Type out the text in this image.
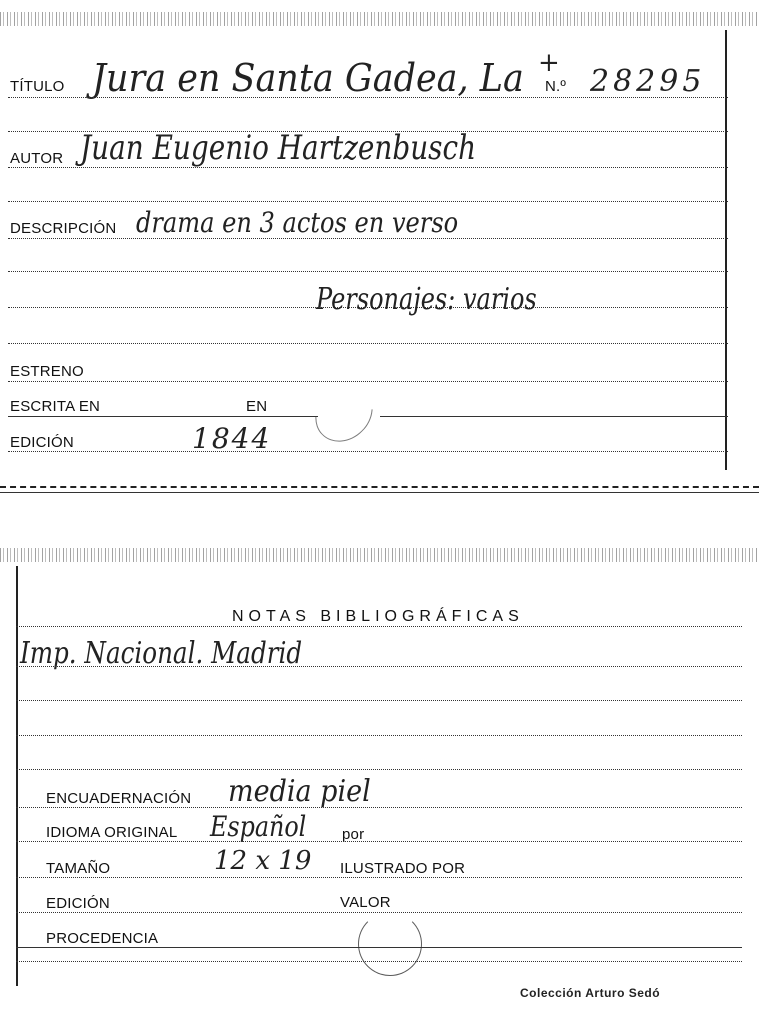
TÍTULO Jura en Santa Gadea, La +
N.º 28295
AUTOR Juan Eugenio Hartzenbusch
DESCRIPCIÓN drama en 3 actos en verso
Personajes: varios
ESTRENO
ESCRITA EN	EN
EDICIÓN	1844
NOTAS BIBLIOGRÁFICAS
Imp. Nacional. Madrid
ENCUADERNACIÓN media piel
IDIOMA ORIGINAL Español por
TAMAÑO	12 x 19 ILUSTRADO POR
EDICIÓN	VALOR
PROCEDENCIA
Colección Arturo Sedó
